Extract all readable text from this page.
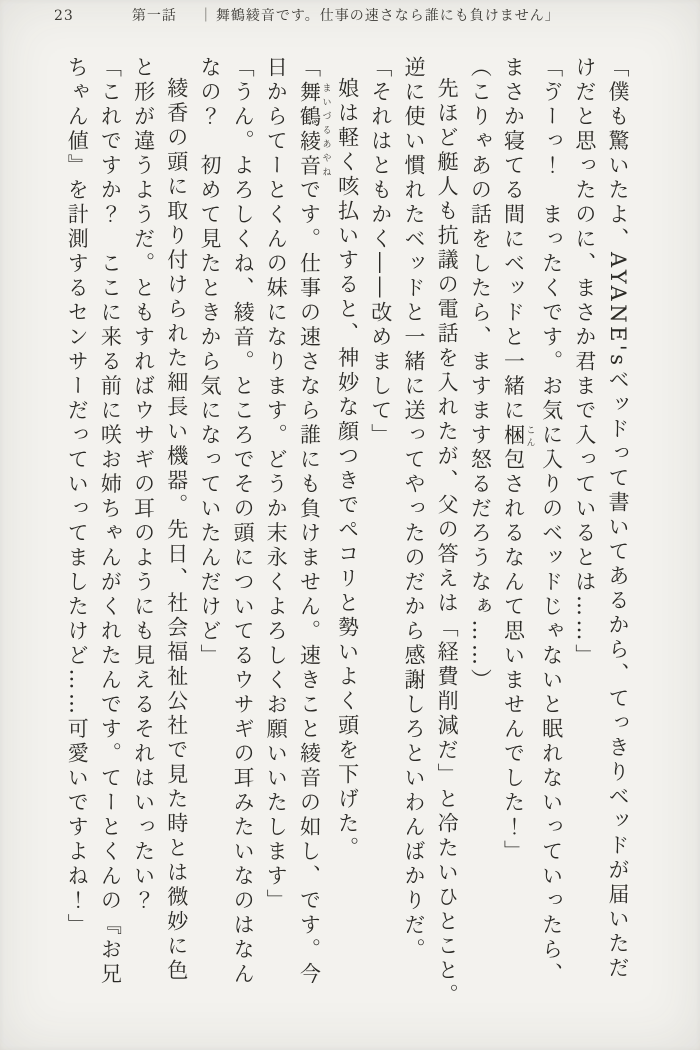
23	第一話 ｜ 舞鶴綾音です。仕事の速さなら誰にも負けません」

「僕も驚いたよ、AYANE'sベッドって書いてあるから、てっきりベッドが届いただ

けだと思ったのに、まさか君まで入っているとは……」

「ゔーっ！　まったくです。お気に入りのベッドじゃないと眠れないっていったら、

まさか寝てる間にベッドと一緒に梱 こん包されるなんて思いませんでした！」

（こりゃあの話をしたら、ますます怒るだろうなぁ……）

先ほど艇人も抗議の電話を入れたが、父の答えは「経費削減だ」と冷たいひとこと。

逆に使い慣れたベッドと一緒に送ってやったのだから感謝しろといわんばかりだ。

「それはともかく――改めまして」

娘は軽く咳払いすると、神妙な顔つきでペコリと勢いよく頭を下げた。

「舞鶴綾音 まいづるあやねです。仕事の速さなら誰にも負けません。速きこと綾音の如し、です。今

日からてーとくんの妹になります。どうか末永くよろしくお願いいたします」

「うん。よろしくね、綾音。ところでその頭についてるウサギの耳みたいなのはなん

なの？　初めて見たときから気になっていたんだけど」

綾香の頭に取り付けられた細長い機器。先日、社会福祉公社で見た時とは微妙に色

と形が違うようだ。ともすればウサギの耳のようにも見えるそれはいったい？

「これですか？　ここに来る前に咲お姉ちゃんがくれたんです。てーとくんの『お兄

ちゃん値』を計測するセンサーだっていってましたけど……可愛いですよね！」
